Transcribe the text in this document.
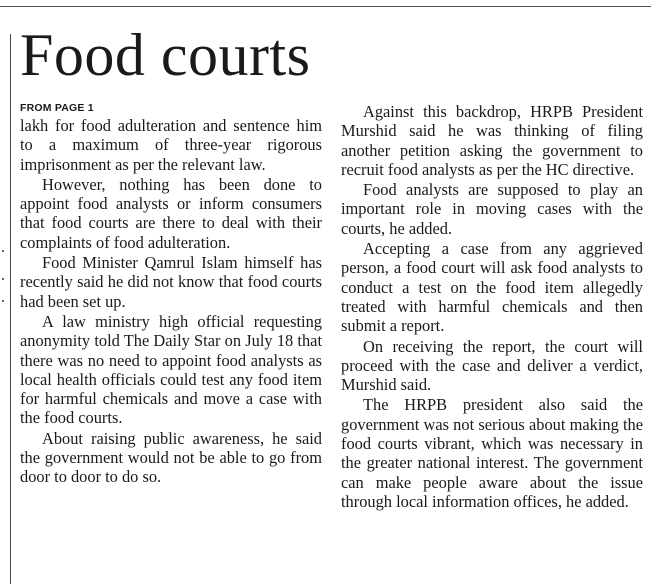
Food courts
FROM PAGE 1

lakh for food adulteration and sentence him to a maximum of three-year rigorous imprisonment as per the relevant law.

However, nothing has been done to appoint food analysts or inform consumers that food courts are there to deal with their complaints of food adulteration.

Food Minister Qamrul Islam himself has recently said he did not know that food courts had been set up.

A law ministry high official requesting anonymity told The Daily Star on July 18 that there was no need to appoint food analysts as local health officials could test any food item for harmful chemicals and move a case with the food courts.

About raising public awareness, he said the government would not be able to go from door to door to do so.

Against this backdrop, HRPB President Murshid said he was thinking of filing another petition asking the government to recruit food analysts as per the HC directive.

Food analysts are supposed to play an important role in moving cases with the courts, he added.

Accepting a case from any aggrieved person, a food court will ask food analysts to conduct a test on the food item allegedly treated with harmful chemicals and then submit a report.

On receiving the report, the court will proceed with the case and deliver a verdict, Murshid said.

The HRPB president also said the government was not serious about making the food courts vibrant, which was necessary in the greater national interest. The government can make people aware about the issue through local information offices, he added.
